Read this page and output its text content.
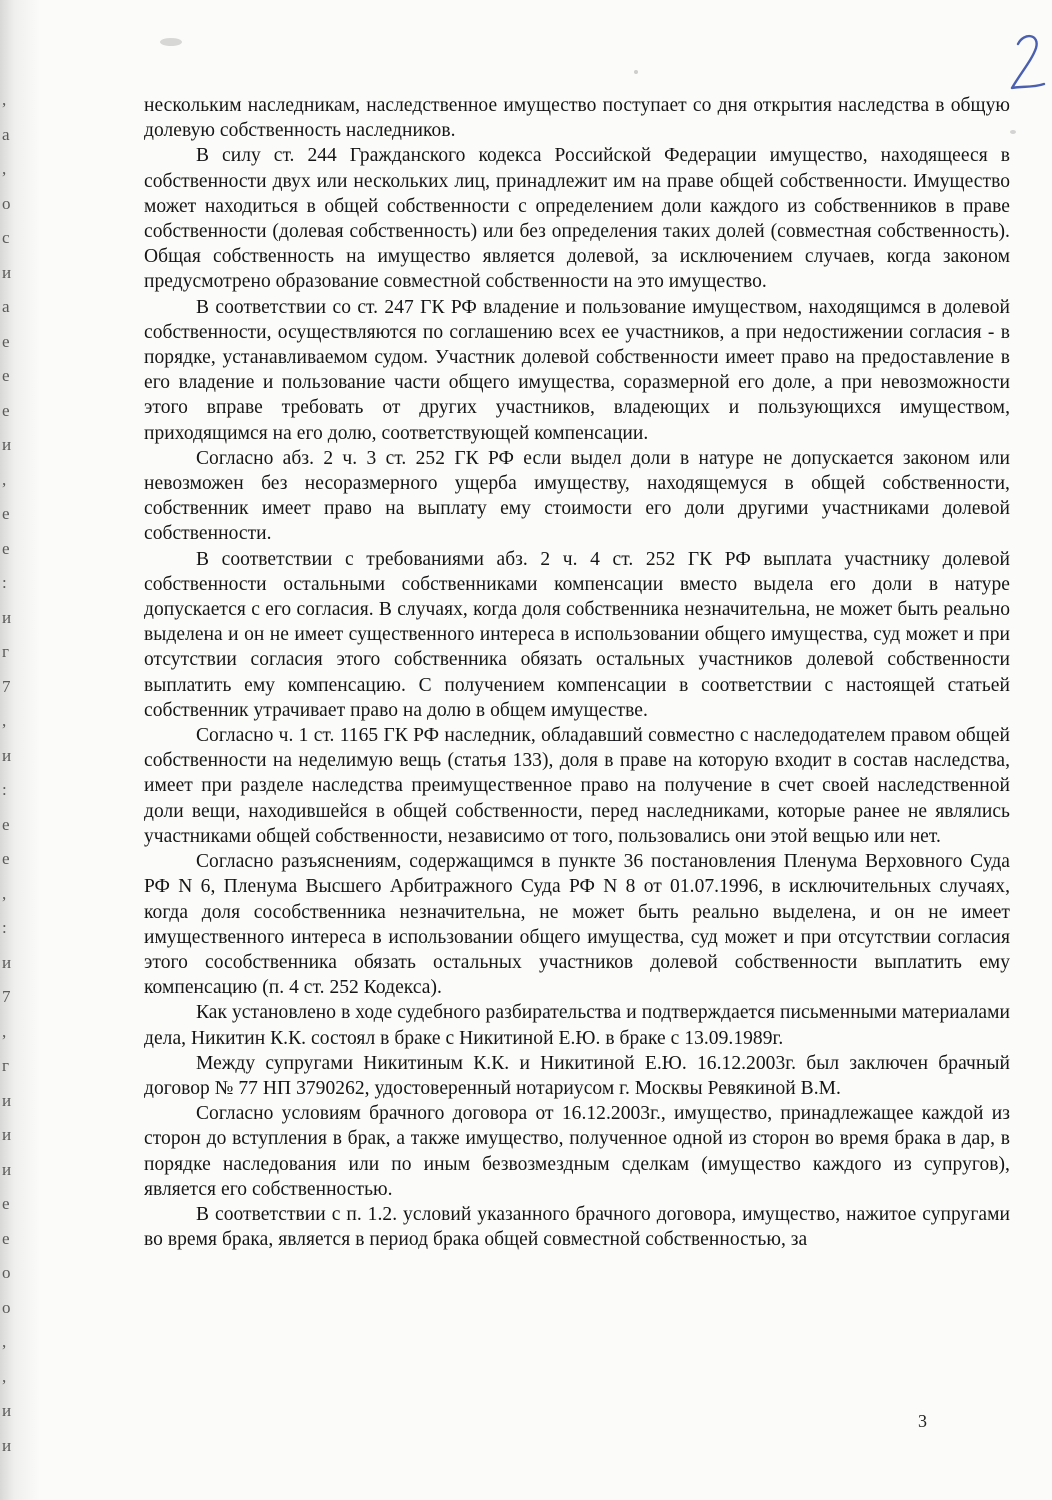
,
a
,
o
c
и
a
e
e
e
и
,
e
e
:
и
г
7
,
и
:
e
e
,
:
и
7
,
г
и
и
и
e
e
o
o
,
,
и
и

нескольким наследникам, наследственное имущество поступает со дня открытия наследства в общую долевую собственность наследников.

В силу ст. 244 Гражданского кодекса Российской Федерации имущество, находящееся в собственности двух или нескольких лиц, принадлежит им на праве общей собственности. Имущество может находиться в общей собственности с определением доли каждого из собственников в праве собственности (долевая собственность) или без определения таких долей (совместная собственность). Общая собственность на имущество является долевой, за исключением случаев, когда законом предусмотрено образование совместной собственности на это имущество.

В соответствии со ст. 247 ГК РФ владение и пользование имуществом, находящимся в долевой собственности, осуществляются по соглашению всех ее участников, а при недостижении согласия - в порядке, устанавливаемом судом. Участник долевой собственности имеет право на предоставление в его владение и пользование части общего имущества, соразмерной его доле, а при невозможности этого вправе требовать от других участников, владеющих и пользующихся имуществом, приходящимся на его долю, соответствующей компенсации.

Согласно абз. 2 ч. 3 ст. 252 ГК РФ если выдел доли в натуре не допускается законом или невозможен без несоразмерного ущерба имуществу, находящемуся в общей собственности, собственник имеет право на выплату ему стоимости его доли другими участниками долевой собственности.

В соответствии с требованиями абз. 2 ч. 4 ст. 252 ГК РФ выплата участнику долевой собственности остальными собственниками компенсации вместо выдела его доли в натуре допускается с его согласия. В случаях, когда доля собственника незначительна, не может быть реально выделена и он не имеет существенного интереса в использовании общего имущества, суд может и при отсутствии согласия этого собственника обязать остальных участников долевой собственности выплатить ему компенсацию. С получением компенсации в соответствии с настоящей статьей собственник утрачивает право на долю в общем имуществе.

Согласно ч. 1 ст. 1165 ГК РФ наследник, обладавший совместно с наследодателем правом общей собственности на неделимую вещь (статья 133), доля в праве на которую входит в состав наследства, имеет при разделе наследства преимущественное право на получение в счет своей наследственной доли вещи, находившейся в общей собственности, перед наследниками, которые ранее не являлись участниками общей собственности, независимо от того, пользовались они этой вещью или нет.

Согласно разъяснениям, содержащимся в пункте 36 постановления Пленума Верховного Суда РФ N 6, Пленума Высшего Арбитражного Суда РФ N 8 от 01.07.1996, в исключительных случаях, когда доля сособственника незначительна, не может быть реально выделена, и он не имеет имущественного интереса в использовании общего имущества, суд может и при отсутствии согласия этого сособственника обязать остальных участников долевой собственности выплатить ему компенсацию (п. 4 ст. 252 Кодекса).

Как установлено в ходе судебного разбирательства и подтверждается письменными материалами дела, Никитин К.К. состоял в браке с Никитиной Е.Ю. в браке с 13.09.1989г.

Между супругами Никитиным К.К. и Никитиной Е.Ю. 16.12.2003г. был заключен брачный договор № 77 НП 3790262, удостоверенный нотариусом г. Москвы Ревякиной В.М.

Согласно условиям брачного договора от 16.12.2003г., имущество, принадлежащее каждой из сторон до вступления в брак, а также имущество, полученное одной из сторон во время брака в дар, в порядке наследования или по иным безвозмездным сделкам (имущество каждого из супругов), является его собственностью.

В соответствии с п. 1.2. условий указанного брачного договора, имущество, нажитое супругами во время брака, является в период брака общей совместной собственностью, за

3
